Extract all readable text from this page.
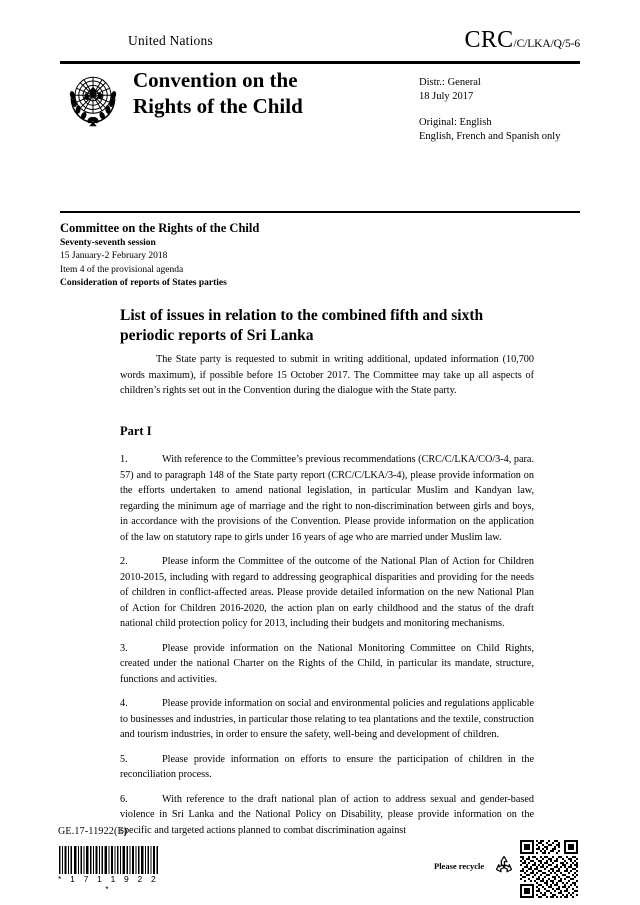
United Nations	CRC/C/LKA/Q/5-6
Convention on the
Rights of the Child
Distr.: General
18 July 2017
Original: English
English, French and Spanish only
Committee on the Rights of the Child
Seventy-seventh session
15 January-2 February 2018
Item 4 of the provisional agenda
Consideration of reports of States parties
List of issues in relation to the combined fifth and sixth
periodic reports of Sri Lanka
The State party is requested to submit in writing additional, updated information (10,700 words maximum), if possible before 15 October 2017. The Committee may take up all aspects of children’s rights set out in the Convention during the dialogue with the State party.
Part I
1.	With reference to the Committee’s previous recommendations (CRC/C/LKA/CO/3-4, para. 57) and to paragraph 148 of the State party report (CRC/C/LKA/3-4), please provide information on the efforts undertaken to amend national legislation, in particular Muslim and Kandyan law, regarding the minimum age of marriage and the right to non-discrimination between girls and boys, in accordance with the provisions of the Convention. Please provide information on the application of the law on statutory rape to girls under 16 years of age who are married under Muslim law.
2.	Please inform the Committee of the outcome of the National Plan of Action for Children 2010-2015, including with regard to addressing geographical disparities and providing for the needs of children in conflict-affected areas. Please provide detailed information on the new National Plan of Action for Children 2016-2020, the action plan on early childhood and the status of the draft national child protection policy for 2013, including their budgets and monitoring mechanisms.
3.	Please provide information on the National Monitoring Committee on Child Rights, created under the national Charter on the Rights of the Child, in particular its mandate, structure, functions and activities.
4.	Please provide information on social and environmental policies and regulations applicable to businesses and industries, in particular those relating to tea plantations and the textile, construction and tourism industries, in order to ensure the safety, well-being and development of children.
5.	Please provide information on efforts to ensure the participation of children in the reconciliation process.
6.	With reference to the draft national plan of action to address sexual and gender-based violence in Sri Lanka and the National Policy on Disability, please provide information on the specific and targeted actions planned to combat discrimination against
GE.17-11922(E)
* 1 7 1 1 9 2 2 *
Please recycle
